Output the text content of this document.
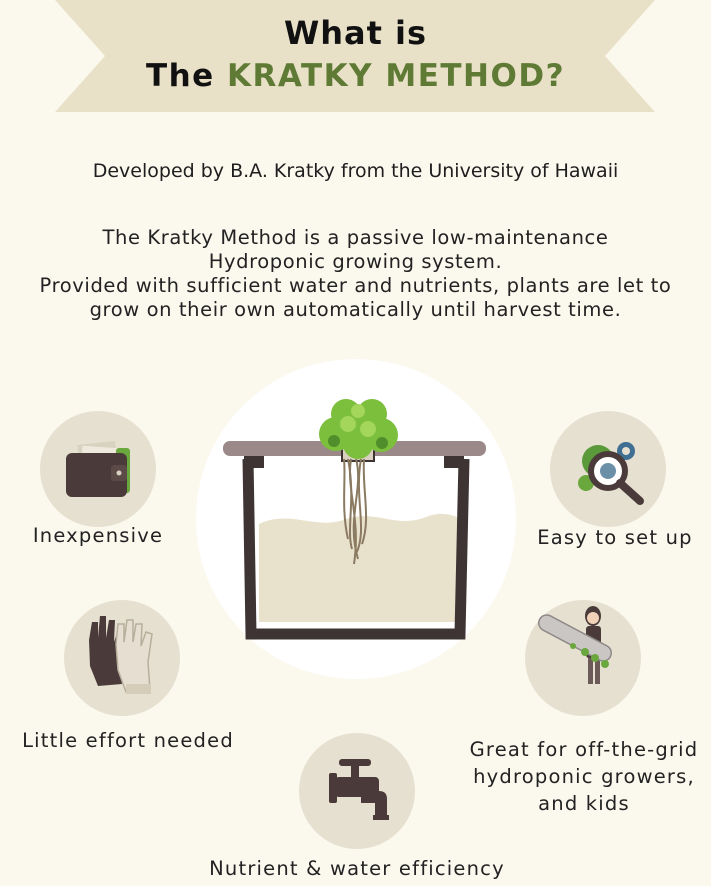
What is
The KRATKY METHOD?
Developed by B.A. Kratky from the University of Hawaii
The Kratky Method is a passive low-maintenance
Hydroponic growing system.
Provided with sufficient water and nutrients, plants are let to
grow on their own automatically until harvest time.
Inexpensive	Easy to set up
Little effort needed	Great for off-the-grid
hydroponic growers,
and kids
Nutrient & water efficiency
